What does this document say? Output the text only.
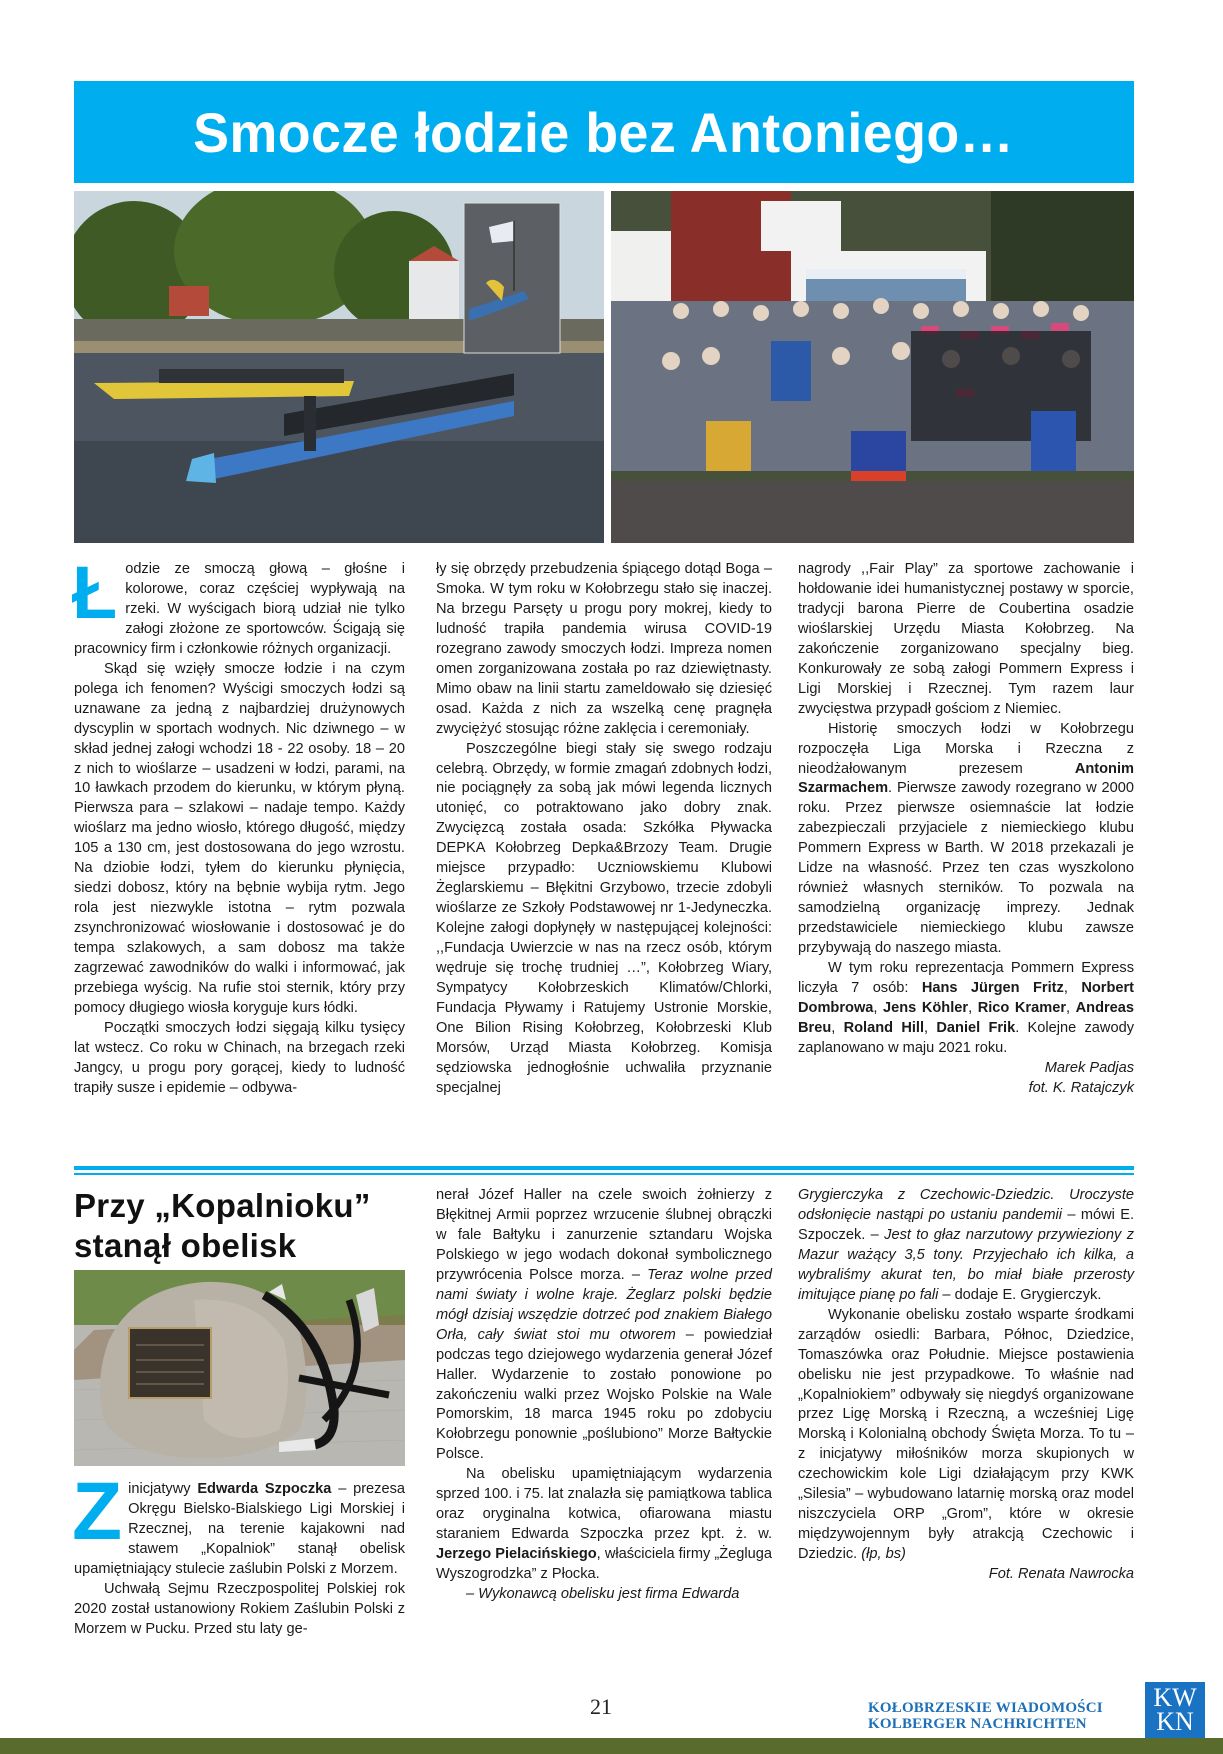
Smocze łodzie bez Antoniego…

Łodzie ze smoczą głową – głośne i kolorowe, coraz częściej wypływają na rzeki. W wyścigach biorą udział nie tylko załogi złożone ze sportowców. Ścigają się pracownicy firm i członkowie różnych organizacji.

Skąd się wzięły smocze łodzie i na czym polega ich fenomen? Wyścigi smoczych łodzi są uznawane za jedną z najbardziej drużynowych dyscyplin w sportach wodnych. Nic dziwnego – w skład jednej załogi wchodzi 18 - 22 osoby. 18 – 20 z nich to wioślarze – usadzeni w łodzi, parami, na 10 ławkach przodem do kierunku, w którym płyną. Pierwsza para – szlakowi – nadaje tempo. Każdy wioślarz ma jedno wiosło, którego długość, między 105 a 130 cm, jest dostosowana do jego wzrostu. Na dziobie łodzi, tyłem do kierunku płynięcia, siedzi dobosz, który na bębnie wybija rytm. Jego rola jest niezwykle istotna – rytm pozwala zsynchronizować wiosłowanie i dostosować je do tempa szlakowych, a sam dobosz ma także zagrzewać zawodników do walki i informować, jak przebiega wyścig. Na rufie stoi sternik, który przy pomocy długiego wiosła koryguje kurs łódki.

Początki smoczych łodzi sięgają kilku tysięcy lat wstecz. Co roku w Chinach, na brzegach rzeki Jangcy, u progu pory gorącej, kiedy to ludność trapiły susze i epidemie – odbywa-

ły się obrzędy przebudzenia śpiącego dotąd Boga – Smoka. W tym roku w Kołobrzegu stało się inaczej. Na brzegu Parsęty u progu pory mokrej, kiedy to ludność trapiła pandemia wirusa COVID-19 rozegrano zawody smoczych łodzi. Impreza nomen omen zorganizowana została po raz dziewiętnasty. Mimo obaw na linii startu zameldowało się dziesięć osad. Każda z nich za wszelką cenę pragnęła zwyciężyć stosując różne zaklęcia i ceremoniały.

Poszczególne biegi stały się swego rodzaju celebrą. Obrzędy, w formie zmagań zdobnych łodzi, nie pociągnęły za sobą jak mówi legenda licznych utonięć, co potraktowano jako dobry znak. Zwycięzcą została osada: Szkółka Pływacka DEPKA Kołobrzeg Depka&Brzozy Team. Drugie miejsce przypadło: Uczniowskiemu Klubowi Żeglarskiemu – Błękitni Grzybowo, trzecie zdobyli wioślarze ze Szkoły Podstawowej nr 1-Jedyneczka. Kolejne załogi dopłynęły w następującej kolejności: ,,Fundacja Uwierzcie w nas na rzecz osób, którym wędruje się trochę trudniej …”, Kołobrzeg Wiary, Sympatycy Kołobrzeskich Klimatów/Chlorki, Fundacja Pływamy i Ratujemy Ustronie Morskie, One Bilion Rising Kołobrzeg, Kołobrzeski Klub Morsów, Urząd Miasta Kołobrzeg. Komisja sędziowska jednogłośnie uchwaliła przyznanie specjalnej

nagrody ,,Fair Play” za sportowe zachowanie i hołdowanie idei humanistycznej postawy w sporcie, tradycji barona Pierre de Coubertina osadzie wioślarskiej Urzędu Miasta Kołobrzeg. Na zakończenie zorganizowano specjalny bieg. Konkurowały ze sobą załogi Pommern Express i Ligi Morskiej i Rzecznej. Tym razem laur zwycięstwa przypadł gościom z Niemiec.

Historię smoczych łodzi w Kołobrzegu rozpoczęła Liga Morska i Rzeczna z nieodżałowanym prezesem Antonim Szarmachem. Pierwsze zawody rozegrano w 2000 roku. Przez pierwsze osiemnaście lat łodzie zabezpieczali przyjaciele z niemieckiego klubu Pommern Express w Barth. W 2018 przekazali je Lidze na własność. Przez ten czas wyszkolono również własnych sterników. To pozwala na samodzielną organizację imprezy. Jednak przedstawiciele niemieckiego klubu zawsze przybywają do naszego miasta.

W tym roku reprezentacja Pommern Express liczyła 7 osób: Hans Jürgen Fritz, Norbert Dombrowa, Jens Köhler, Rico Kramer, Andreas Breu, Roland Hill, Daniel Frik. Kolejne zawody zaplanowano w maju 2021 roku.

Marek Padjas

fot. K. Ratajczyk

Przy „Kopalnioku”
stanął obelisk

Zinicjatywy Edwarda Szpoczka – prezesa Okręgu Bielsko-Bialskiego Ligi Morskiej i Rzecznej, na terenie kajakowni nad stawem „Kopalniok” stanął obelisk upamiętniający stulecie zaślubin Polski z Morzem.

Uchwałą Sejmu Rzeczpospolitej Polskiej rok 2020 został ustanowiony Rokiem Zaślubin Polski z Morzem w Pucku. Przed stu laty ge-

nerał Józef Haller na czele swoich żołnierzy z Błękitnej Armii poprzez wrzucenie ślubnej obrączki w fale Bałtyku i zanurzenie sztandaru Wojska Polskiego w jego wodach dokonał symbolicznego przywrócenia Polsce morza. – Teraz wolne przed nami światy i wolne kraje. Żeglarz polski będzie mógł dzisiaj wszędzie dotrzeć pod znakiem Białego Orła, cały świat stoi mu otworem – powiedział podczas tego dziejowego wydarzenia generał Józef Haller. Wydarzenie to zostało ponowione po zakończeniu walki przez Wojsko Polskie na Wale Pomorskim, 18 marca 1945 roku po zdobyciu Kołobrzegu ponownie „poślubiono” Morze Bałtyckie Polsce.

Na obelisku upamiętniającym wydarzenia sprzed 100. i 75. lat znalazła się pamiątkowa tablica oraz oryginalna kotwica, ofiarowana miastu staraniem Edwarda Szpoczka przez kpt. ż. w. Jerzego Pielacińskiego, właściciela firmy „Żegluga Wyszogrodzka” z Płocka.

– Wykonawcą obelisku jest firma Edwarda

Grygierczyka z Czechowic-Dziedzic. Uroczyste odsłonięcie nastąpi po ustaniu pandemii – mówi E. Szpoczek. – Jest to głaz narzutowy przywieziony z Mazur ważący 3,5 tony. Przyjechało ich kilka, a wybraliśmy akurat ten, bo miał białe przerosty imitujące pianę po fali – dodaje E. Grygierczyk.

Wykonanie obelisku zostało wsparte środkami zarządów osiedli: Barbara, Północ, Dziedzice, Tomaszówka oraz Południe. Miejsce postawienia obelisku nie jest przypadkowe. To właśnie nad „Kopalniokiem” odbywały się niegdyś organizowane przez Ligę Morską i Rzeczną, a wcześniej Ligę Morską i Kolonialną obchody Święta Morza. To tu – z inicjatywy miłośników morza skupionych w czechowickim kole Ligi działającym przy KWK „Silesia” – wybudowano latarnię morską oraz model niszczyciela ORP „Grom”, które w okresie międzywojennym były atrakcją Czechowic i Dziedzic. (łp, bs)

Fot. Renata Nawrocka

21	KOŁOBRZESKIE WIADOMOŚCI
KOLBERGER NACHRICHTEN
KW
KN
